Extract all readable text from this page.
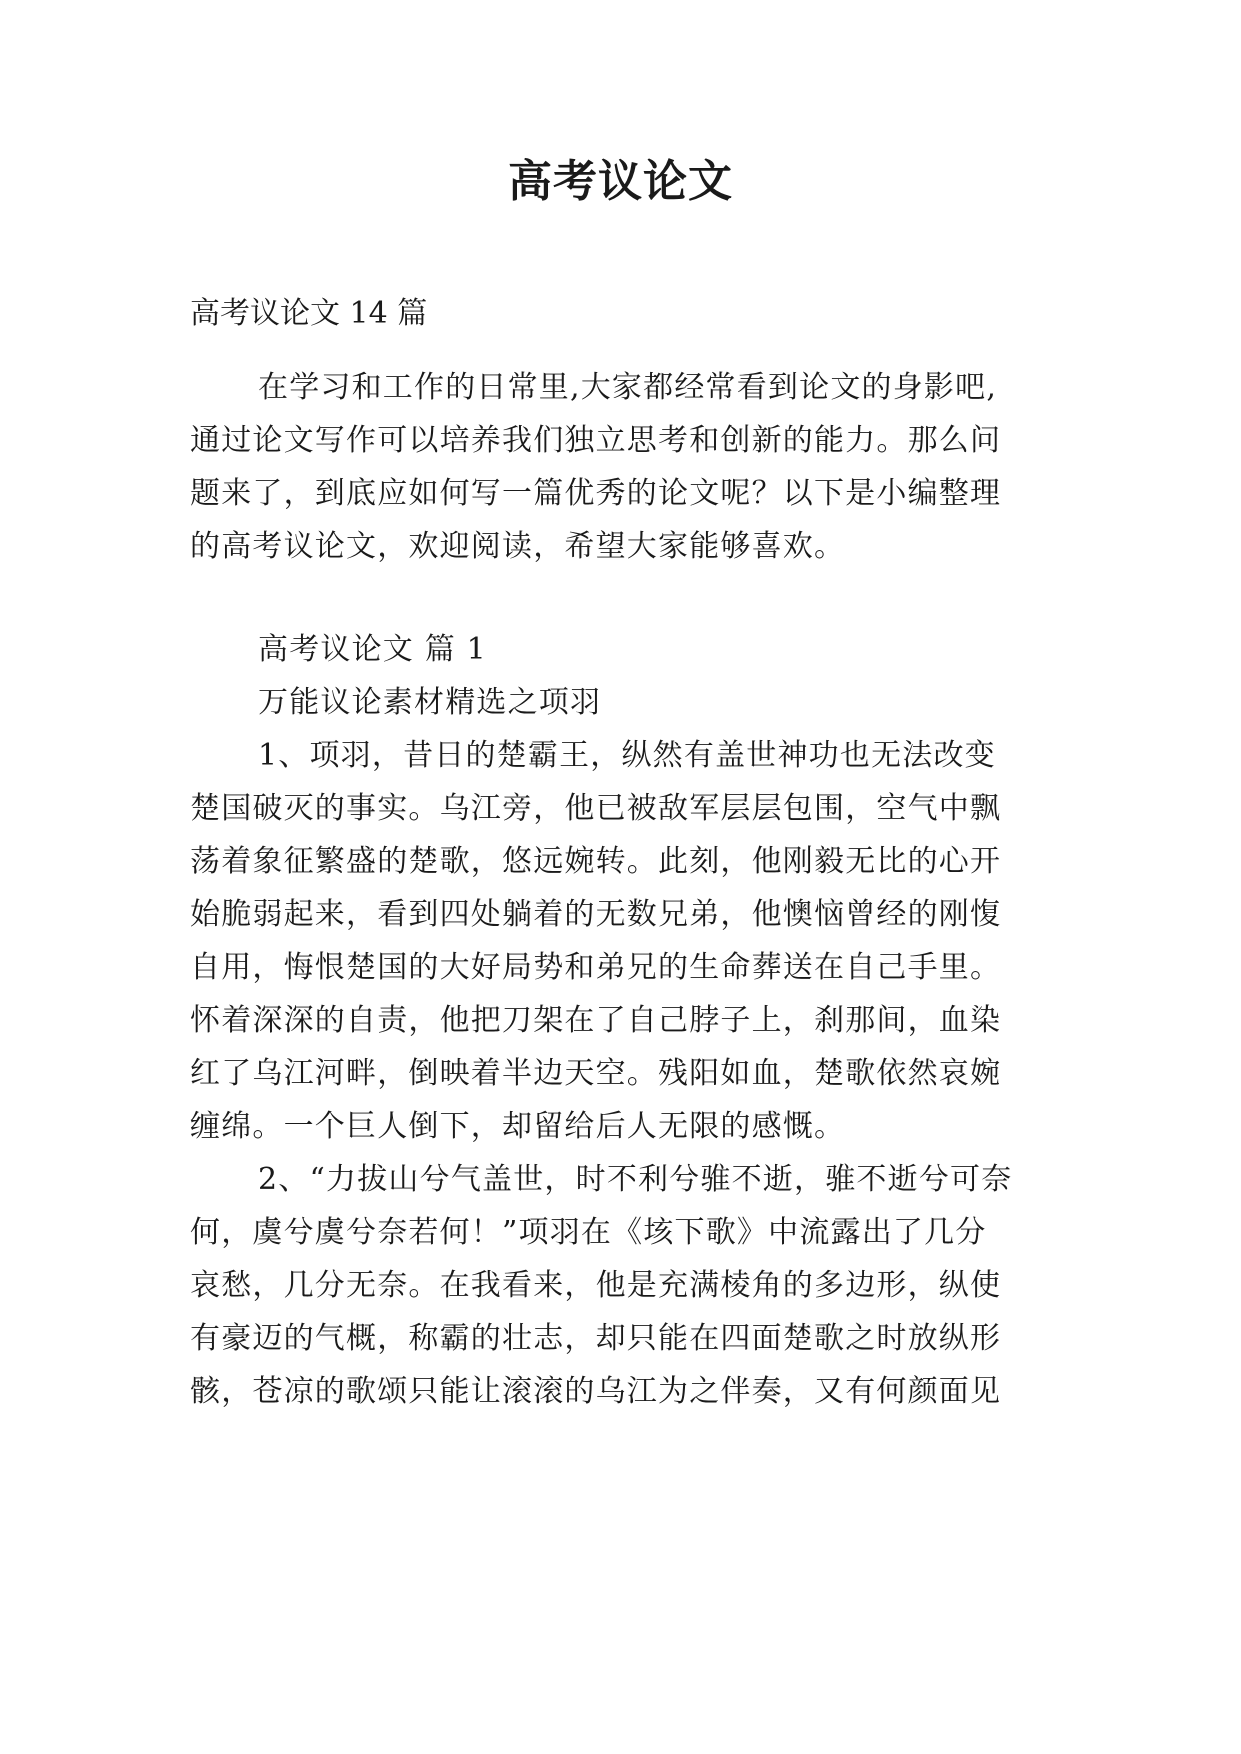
高考议论文
高考议论文 14 篇
在学习和工作的日常里,大家都经常看到论文的身影吧,
通过论文写作可以培养我们独立思考和创新的能力。那么问
题来了，到底应如何写一篇优秀的论文呢？以下是小编整理
的高考议论文，欢迎阅读，希望大家能够喜欢。
高考议论文 篇 1
万能议论素材精选之项羽
1、项羽，昔日的楚霸王，纵然有盖世神功也无法改变
楚国破灭的事实。乌江旁，他已被敌军层层包围，空气中飘
荡着象征繁盛的楚歌，悠远婉转。此刻，他刚毅无比的心开
始脆弱起来，看到四处躺着的无数兄弟，他懊恼曾经的刚愎
自用，悔恨楚国的大好局势和弟兄的生命葬送在自己手里。
怀着深深的自责，他把刀架在了自己脖子上，刹那间，血染
红了乌江河畔，倒映着半边天空。残阳如血，楚歌依然哀婉
缠绵。一个巨人倒下，却留给后人无限的感慨。
2、“力拔山兮气盖世，时不利兮骓不逝，骓不逝兮可奈
何，虞兮虞兮奈若何！”项羽在《垓下歌》中流露出了几分
哀愁，几分无奈。在我看来，他是充满棱角的多边形，纵使
有豪迈的气概，称霸的壮志，却只能在四面楚歌之时放纵形
骸，苍凉的歌颂只能让滚滚的乌江为之伴奏，又有何颜面见
